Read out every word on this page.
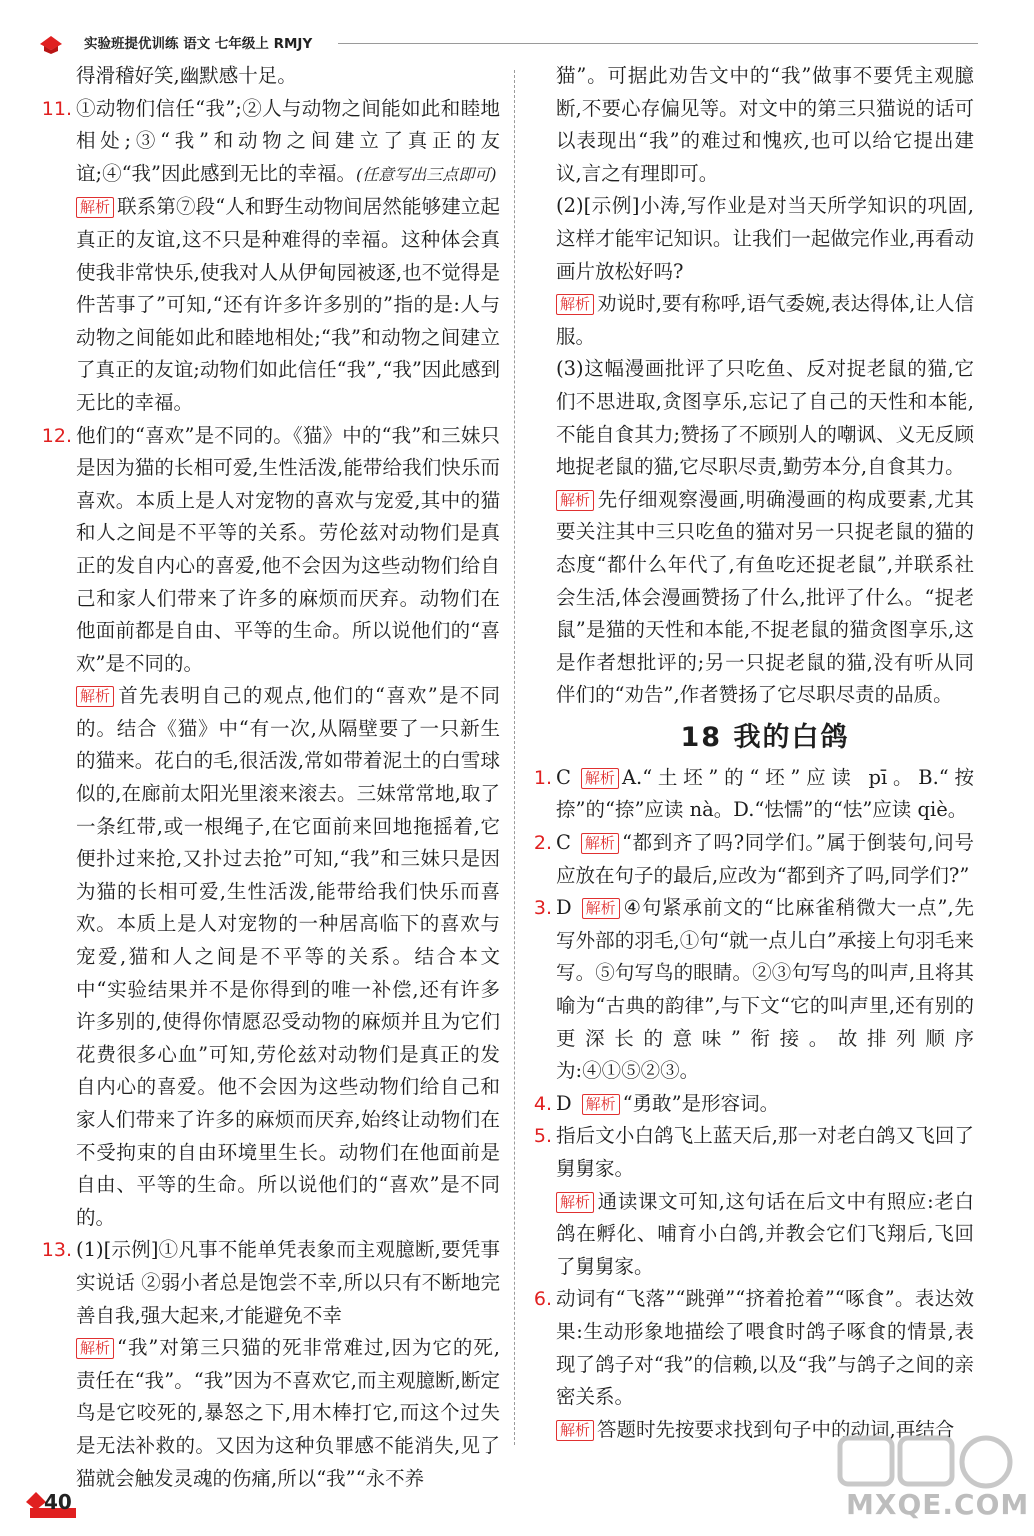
实验班提优训练 语文 七年级上 RMJY

得滑稽好笑,幽默感十足。

11. ①动物们信任“我”;②人与动物之间能如此和睦地相处;③“我”和动物之间建立了真正的友谊;④“我”因此感到无比的幸福。(任意写出三点即可)

解析 联系第⑦段“人和野生动物间居然能够建立起真正的友谊,这不只是种难得的幸福。这种体会真使我非常快乐,使我对人从伊甸园被逐,也不觉得是件苦事了”可知,“还有许多许多别的”指的是:人与动物之间能如此和睦地相处;“我”和动物之间建立了真正的友谊;动物们如此信任“我”,“我”因此感到无比的幸福。

12. 他们的“喜欢”是不同的。《猫》中的“我”和三妹只是因为猫的长相可爱,生性活泼,能带给我们快乐而喜欢。本质上是人对宠物的喜欢与宠爱,其中的猫和人之间是不平等的关系。劳伦兹对动物们是真正的发自内心的喜爱,他不会因为这些动物们给自己和家人们带来了许多的麻烦而厌弃。动物们在他面前都是自由、平等的生命。所以说他们的“喜欢”是不同的。

解析 首先表明自己的观点,他们的“喜欢”是不同的。结合《猫》中“有一次,从隔壁要了一只新生的猫来。花白的毛,很活泼,常如带着泥土的白雪球似的,在廊前太阳光里滚来滚去。三妹常常地,取了一条红带,或一根绳子,在它面前来回地拖摇着,它便扑过来抢,又扑过去抢”可知,“我”和三妹只是因为猫的长相可爱,生性活泼,能带给我们快乐而喜欢。本质上是人对宠物的一种居高临下的喜欢与宠爱,猫和人之间是不平等的关系。结合本文中“实验结果并不是你得到的唯一补偿,还有许多许多别的,使得你情愿忍受动物的麻烦并且为它们花费很多心血”可知,劳伦兹对动物们是真正的发自内心的喜爱。他不会因为这些动物们给自己和家人们带来了许多的麻烦而厌弃,始终让动物们在不受拘束的自由环境里生长。动物们在他面前是自由、平等的生命。所以说他们的“喜欢”是不同的。

13. (1)[示例]①凡事不能单凭表象而主观臆断,要凭事实说话 ②弱小者总是饱尝不幸,所以只有不断地完善自我,强大起来,才能避免不幸

解析 “我”对第三只猫的死非常难过,因为它的死,责任在“我”。“我”因为不喜欢它,而主观臆断,断定鸟是它咬死的,暴怒之下,用木棒打它,而这个过失是无法补救的。又因为这种负罪感不能消失,见了猫就会触发灵魂的伤痛,所以“我”“永不养

猫”。可据此劝告文中的“我”做事不要凭主观臆断,不要心存偏见等。对文中的第三只猫说的话可以表现出“我”的难过和愧疚,也可以给它提出建议,言之有理即可。

(2)[示例]小涛,写作业是对当天所学知识的巩固,这样才能牢记知识。让我们一起做完作业,再看动画片放松好吗?

解析 劝说时,要有称呼,语气委婉,表达得体,让人信服。

(3)这幅漫画批评了只吃鱼、反对捉老鼠的猫,它们不思进取,贪图享乐,忘记了自己的天性和本能,不能自食其力;赞扬了不顾别人的嘲讽、义无反顾地捉老鼠的猫,它尽职尽责,勤劳本分,自食其力。

解析 先仔细观察漫画,明确漫画的构成要素,尤其要关注其中三只吃鱼的猫对另一只捉老鼠的猫的态度“都什么年代了,有鱼吃还捉老鼠”,并联系社会生活,体会漫画赞扬了什么,批评了什么。“捉老鼠”是猫的天性和本能,不捉老鼠的猫贪图享乐,这是作者想批评的;另一只捉老鼠的猫,没有听从同伴们的“劝告”,作者赞扬了它尽职尽责的品质。

18 我的白鸽

1. C 解析 A.“土坯”的“坯”应读 pī。B.“按捺”的“捺”应读 nà。D.“怯懦”的“怯”应读 qiè。

2. C 解析 “都到齐了吗?同学们。”属于倒装句,问号应放在句子的最后,应改为“都到齐了吗,同学们?”

3. D 解析 ④句紧承前文的“比麻雀稍微大一点”,先写外部的羽毛,①句“就一点儿白”承接上句羽毛来写。⑤句写鸟的眼睛。②③句写鸟的叫声,且将其喻为“古典的韵律”,与下文“它的叫声里,还有别的更深长的意味”衔接。故排列顺序为:④①⑤②③。

4. D 解析 “勇敢”是形容词。

5. 指后文小白鸽飞上蓝天后,那一对老白鸽又飞回了舅舅家。

解析 通读课文可知,这句话在后文中有照应:老白鸽在孵化、哺育小白鸽,并教会它们飞翔后,飞回了舅舅家。

6. 动词有“飞落”“跳弹”“挤着抢着”“啄食”。表达效果:生动形象地描绘了喂食时鸽子啄食的情景,表现了鸽子对“我”的信赖,以及“我”与鸽子之间的亲密关系。

解析 答题时先按要求找到句子中的动词,再结合

40	MXQE.COM
